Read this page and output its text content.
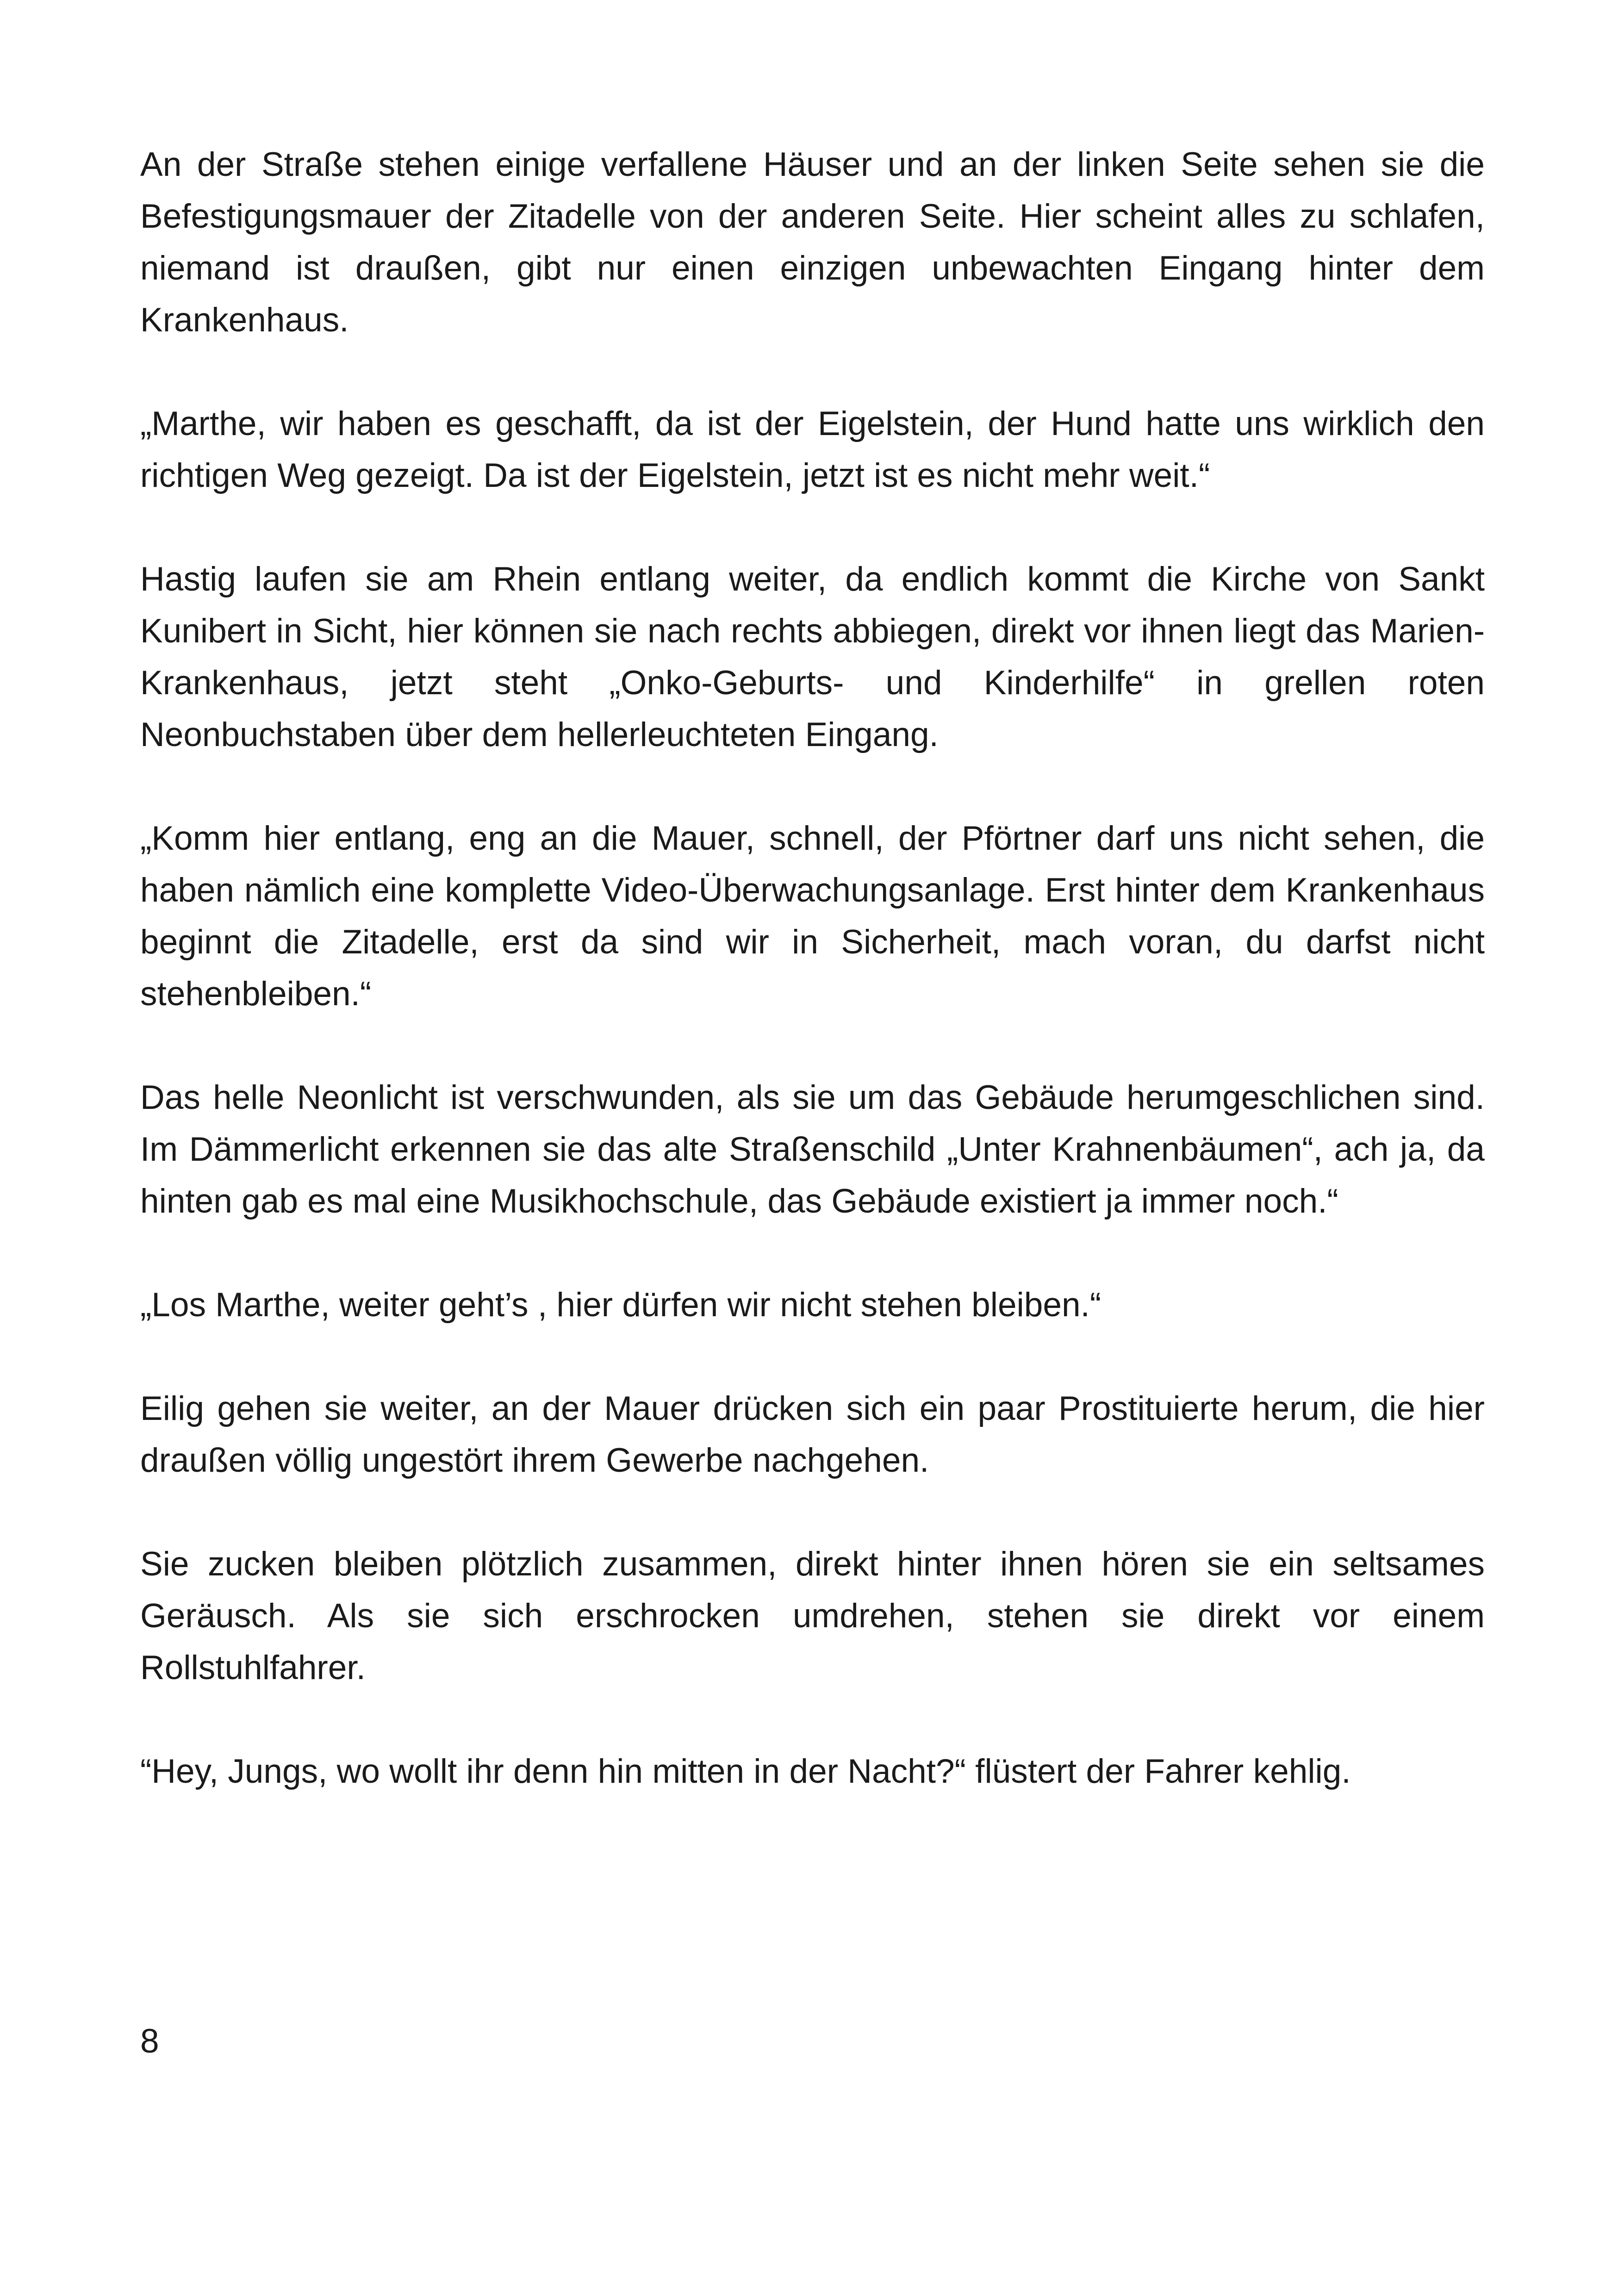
An der Straße stehen einige verfallene Häuser und an der linken Seite sehen sie die Befestigungsmauer der Zitadelle von der anderen Seite. Hier scheint alles zu schlafen, niemand ist draußen, gibt nur einen einzigen unbewachten Eingang hinter dem Krankenhaus.

„Marthe, wir haben es geschafft, da ist der Eigelstein, der Hund hatte uns wirklich den richtigen Weg gezeigt. Da ist der Eigelstein, jetzt ist es nicht mehr weit.“

Hastig laufen sie am Rhein entlang weiter, da endlich kommt die Kirche von Sankt Kunibert in Sicht, hier können sie nach rechts abbiegen, direkt vor ihnen liegt das Marien-Krankenhaus, jetzt steht „Onko-Geburts- und Kinderhilfe“ in grellen roten Neonbuchstaben über dem hellerleuchteten Eingang.

„Komm hier entlang, eng an die Mauer, schnell, der Pförtner darf uns nicht sehen, die haben nämlich eine komplette Video-Überwachungsanlage. Erst hinter dem Krankenhaus beginnt die Zitadelle, erst da sind wir in Sicherheit, mach voran, du darfst nicht stehenbleiben.“

Das helle Neonlicht ist verschwunden, als sie um das Gebäude herumgeschlichen sind. Im Dämmerlicht erkennen sie das alte Straßenschild „Unter Krahnenbäumen“, ach ja, da hinten gab es mal eine Musikhochschule, das Gebäude existiert ja immer noch.“

„Los Marthe, weiter geht’s , hier dürfen wir nicht stehen bleiben.“

Eilig gehen sie weiter, an der Mauer drücken sich ein paar Prostituierte herum, die hier draußen völlig ungestört ihrem Gewerbe nachgehen.

Sie zucken bleiben plötzlich zusammen, direkt hinter ihnen hören sie ein seltsames Geräusch. Als sie sich erschrocken umdrehen, stehen sie direkt vor einem Rollstuhlfahrer.

“Hey, Jungs, wo wollt ihr denn hin mitten in der Nacht?“ flüstert der Fahrer kehlig.

8
